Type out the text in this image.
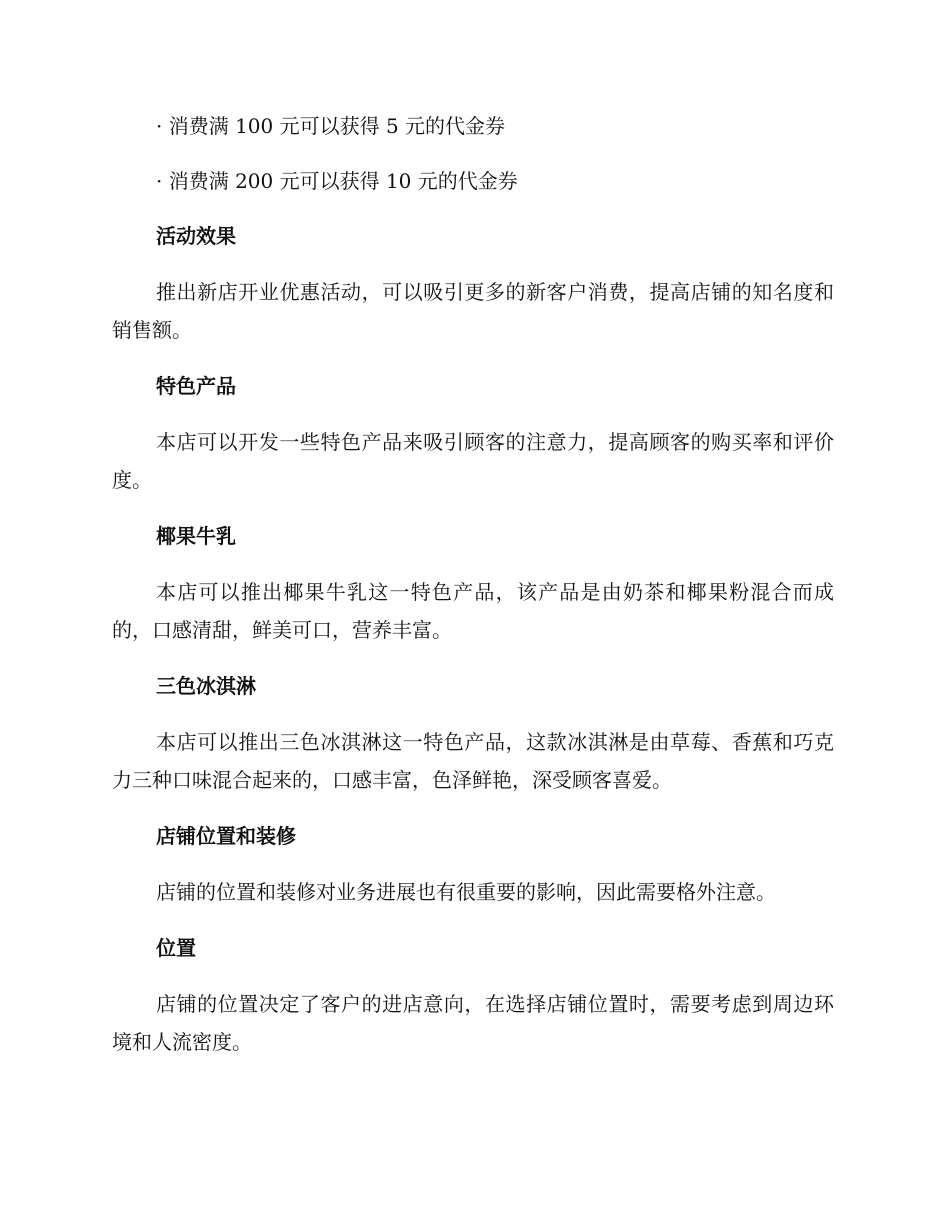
· 消费满 100 元可以获得 5 元的代金券
· 消费满 200 元可以获得 10 元的代金券
活动效果
推出新店开业优惠活动，可以吸引更多的新客户消费，提高店铺的知名度和销售额。
特色产品
本店可以开发一些特色产品来吸引顾客的注意力，提高顾客的购买率和评价度。
椰果牛乳
本店可以推出椰果牛乳这一特色产品，该产品是由奶茶和椰果粉混合而成的，口感清甜，鲜美可口，营养丰富。
三色冰淇淋
本店可以推出三色冰淇淋这一特色产品，这款冰淇淋是由草莓、香蕉和巧克力三种口味混合起来的，口感丰富，色泽鲜艳，深受顾客喜爱。
店铺位置和装修
店铺的位置和装修对业务进展也有很重要的影响，因此需要格外注意。
位置
店铺的位置决定了客户的进店意向，在选择店铺位置时，需要考虑到周边环境和人流密度。
